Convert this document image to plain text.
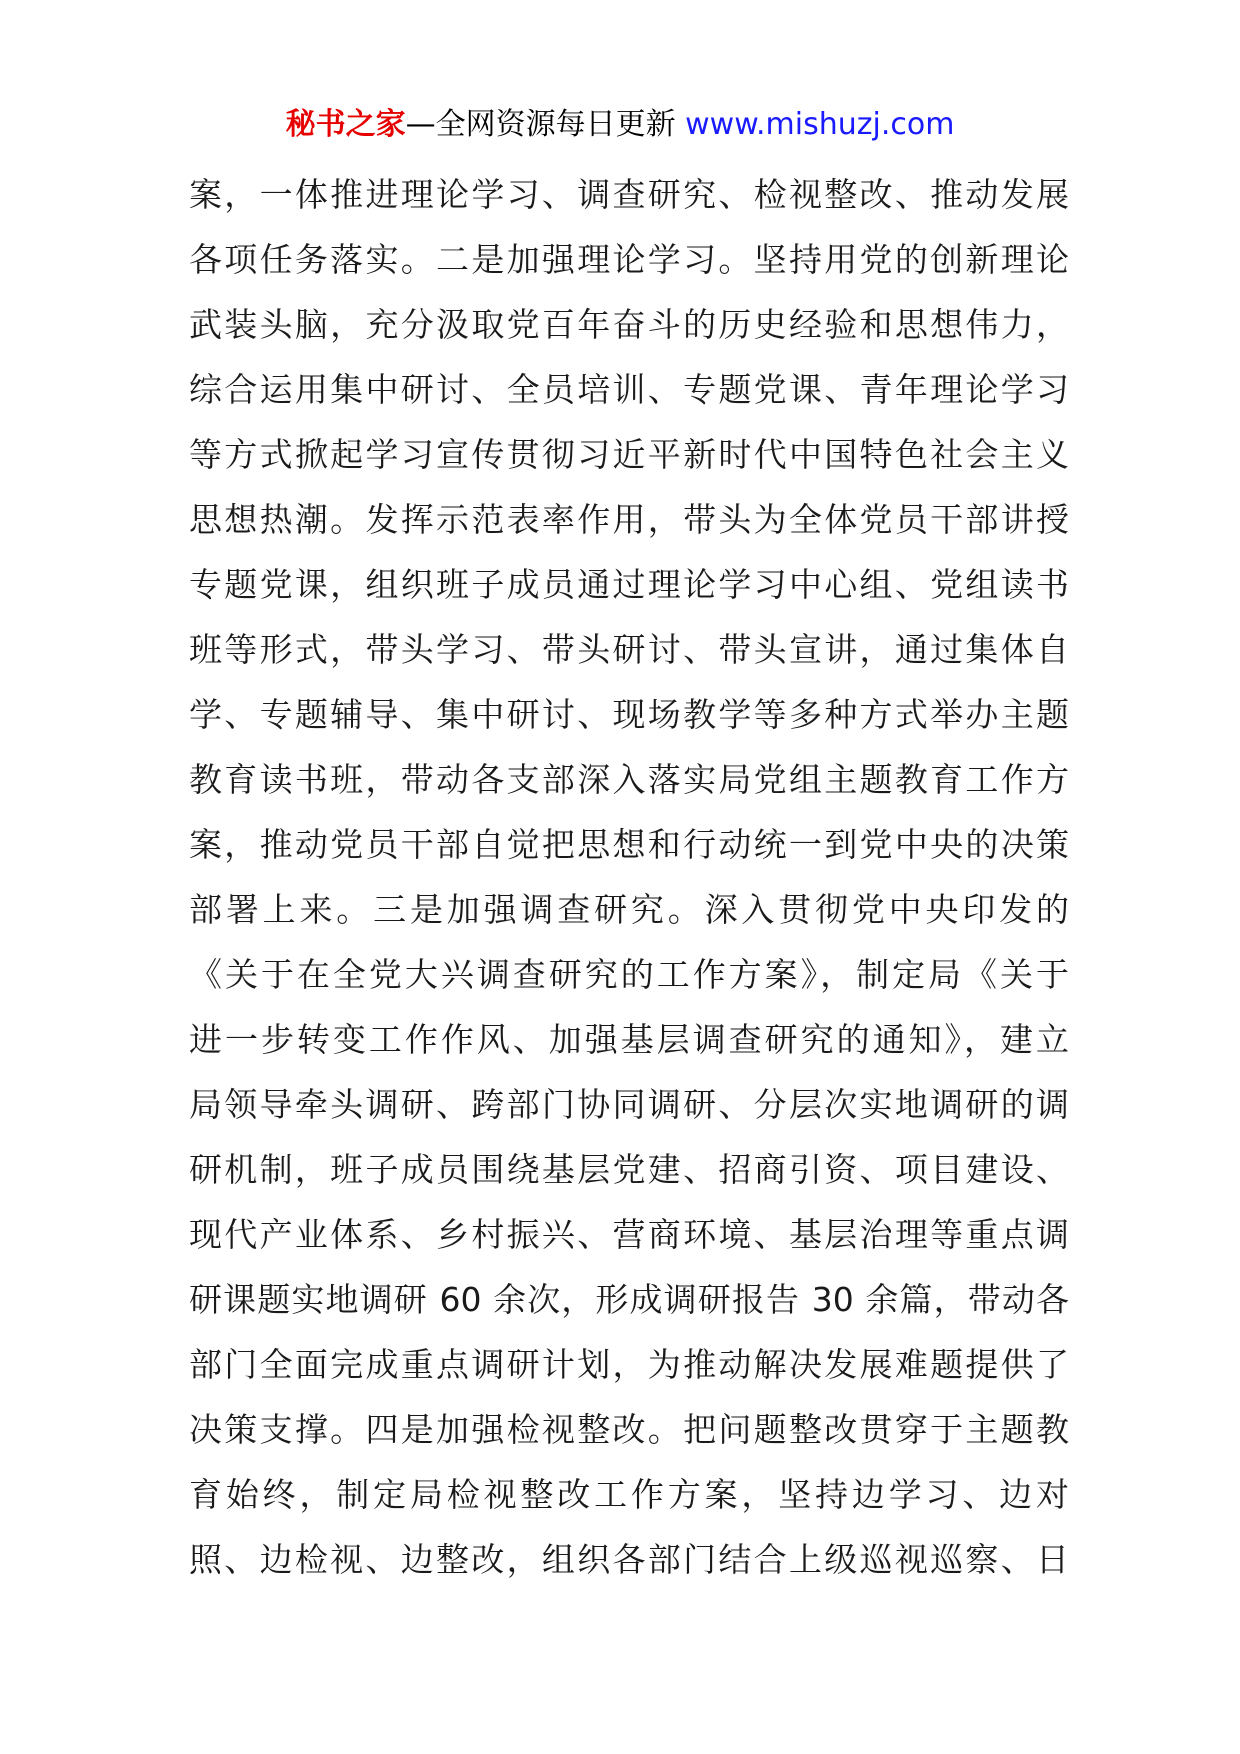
秘书之家—全网资源每日更新 www.mishuzj.com
案，一体推进理论学习、调查研究、检视整改、推动发展
各项任务落实。二是加强理论学习。坚持用党的创新理论
武装头脑，充分汲取党百年奋斗的历史经验和思想伟力，
综合运用集中研讨、全员培训、专题党课、青年理论学习
等方式掀起学习宣传贯彻习近平新时代中国特色社会主义
思想热潮。发挥示范表率作用，带头为全体党员干部讲授
专题党课，组织班子成员通过理论学习中心组、党组读书
班等形式，带头学习、带头研讨、带头宣讲，通过集体自
学、专题辅导、集中研讨、现场教学等多种方式举办主题
教育读书班，带动各支部深入落实局党组主题教育工作方
案，推动党员干部自觉把思想和行动统一到党中央的决策
部署上来。三是加强调查研究。深入贯彻党中央印发的
《关于在全党大兴调查研究的工作方案》，制定局《关于
进一步转变工作作风、加强基层调查研究的通知》，建立
局领导牵头调研、跨部门协同调研、分层次实地调研的调
研机制，班子成员围绕基层党建、招商引资、项目建设、
现代产业体系、乡村振兴、营商环境、基层治理等重点调
研课题实地调研 60 余次，形成调研报告 30 余篇，带动各
部门全面完成重点调研计划，为推动解决发展难题提供了
决策支撑。四是加强检视整改。把问题整改贯穿于主题教
育始终，制定局检视整改工作方案，坚持边学习、边对
照、边检视、边整改，组织各部门结合上级巡视巡察、日
